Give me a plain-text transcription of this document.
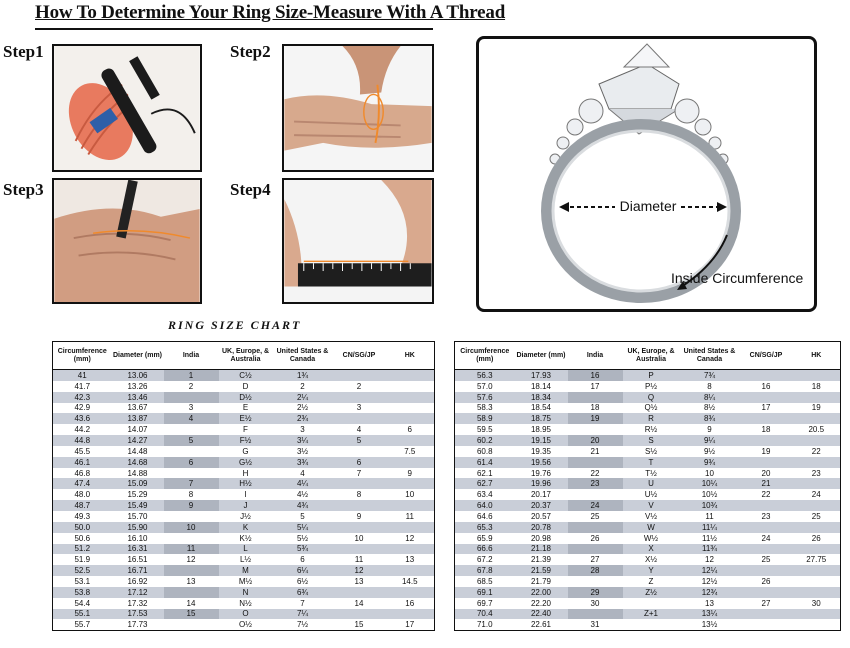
How To Determine Your Ring Size-Measure With A Thread
Step1	Step2
Step3	Step4
Diameter
Inside Circumference
RING SIZE CHART
Circumference (mm)	Diameter (mm)	India	UK, Europe, & Australia	United States & Canada	CN/SG/JP	HK
41	13.06	1	C½	1¾		
41.7	13.26	2	D	2	2	
42.3	13.46		D½	2¼		
42.9	13.67	3	E	2½	3	
43.6	13.87	4	E½	2¾		
44.2	14.07		F	3	4	6
44.8	14.27	5	F½	3¼	5	
45.5	14.48		G	3½		7.5
46.1	14.68	6	G½	3¾	6	
46.8	14.88		H	4	7	9
47.4	15.09	7	H½	4¼		
48.0	15.29	8	I	4½	8	10
48.7	15.49	9	J	4¾		
49.3	15.70		J½	5	9	11
50.0	15.90	10	K	5¼		
50.6	16.10		K½	5½	10	12
51.2	16.31	11	L	5¾		
51.9	16.51	12	L½	6	11	13
52.5	16.71		M	6¼	12	
53.1	16.92	13	M½	6½	13	14.5
53.8	17.12		N	6¾		
54.4	17.32	14	N½	7	14	16
55.1	17.53	15	O	7¼		
55.7	17.73		O½	7½	15	17
Circumference (mm)	Diameter (mm)	India	UK, Europe, & Australia	United States & Canada	CN/SG/JP	HK
56.3	17.93	16	P	7¾		
57.0	18.14	17	P½	8	16	18
57.6	18.34		Q	8¼		
58.3	18.54	18	Q½	8½	17	19
58.9	18.75	19	R	8¾		
59.5	18.95		R½	9	18	20.5
60.2	19.15	20	S	9¼		
60.8	19.35	21	S½	9½	19	22
61.4	19.56		T	9¾		
62.1	19.76	22	T½	10	20	23
62.7	19.96	23	U	10¼	21	
63.4	20.17		U½	10½	22	24
64.0	20.37	24	V	10¾		
64.6	20.57	25	V½	11	23	25
65.3	20.78		W	11¼		
65.9	20.98	26	W½	11½	24	26
66.6	21.18		X	11¾		
67.2	21.39	27	X½	12	25	27.75
67.8	21.59	28	Y	12¼		
68.5	21.79		Z	12½	26	
69.1	22.00	29	Z½	12¾		
69.7	22.20	30		13	27	30
70.4	22.40		Z+1	13¼		
71.0	22.61	31		13½		
